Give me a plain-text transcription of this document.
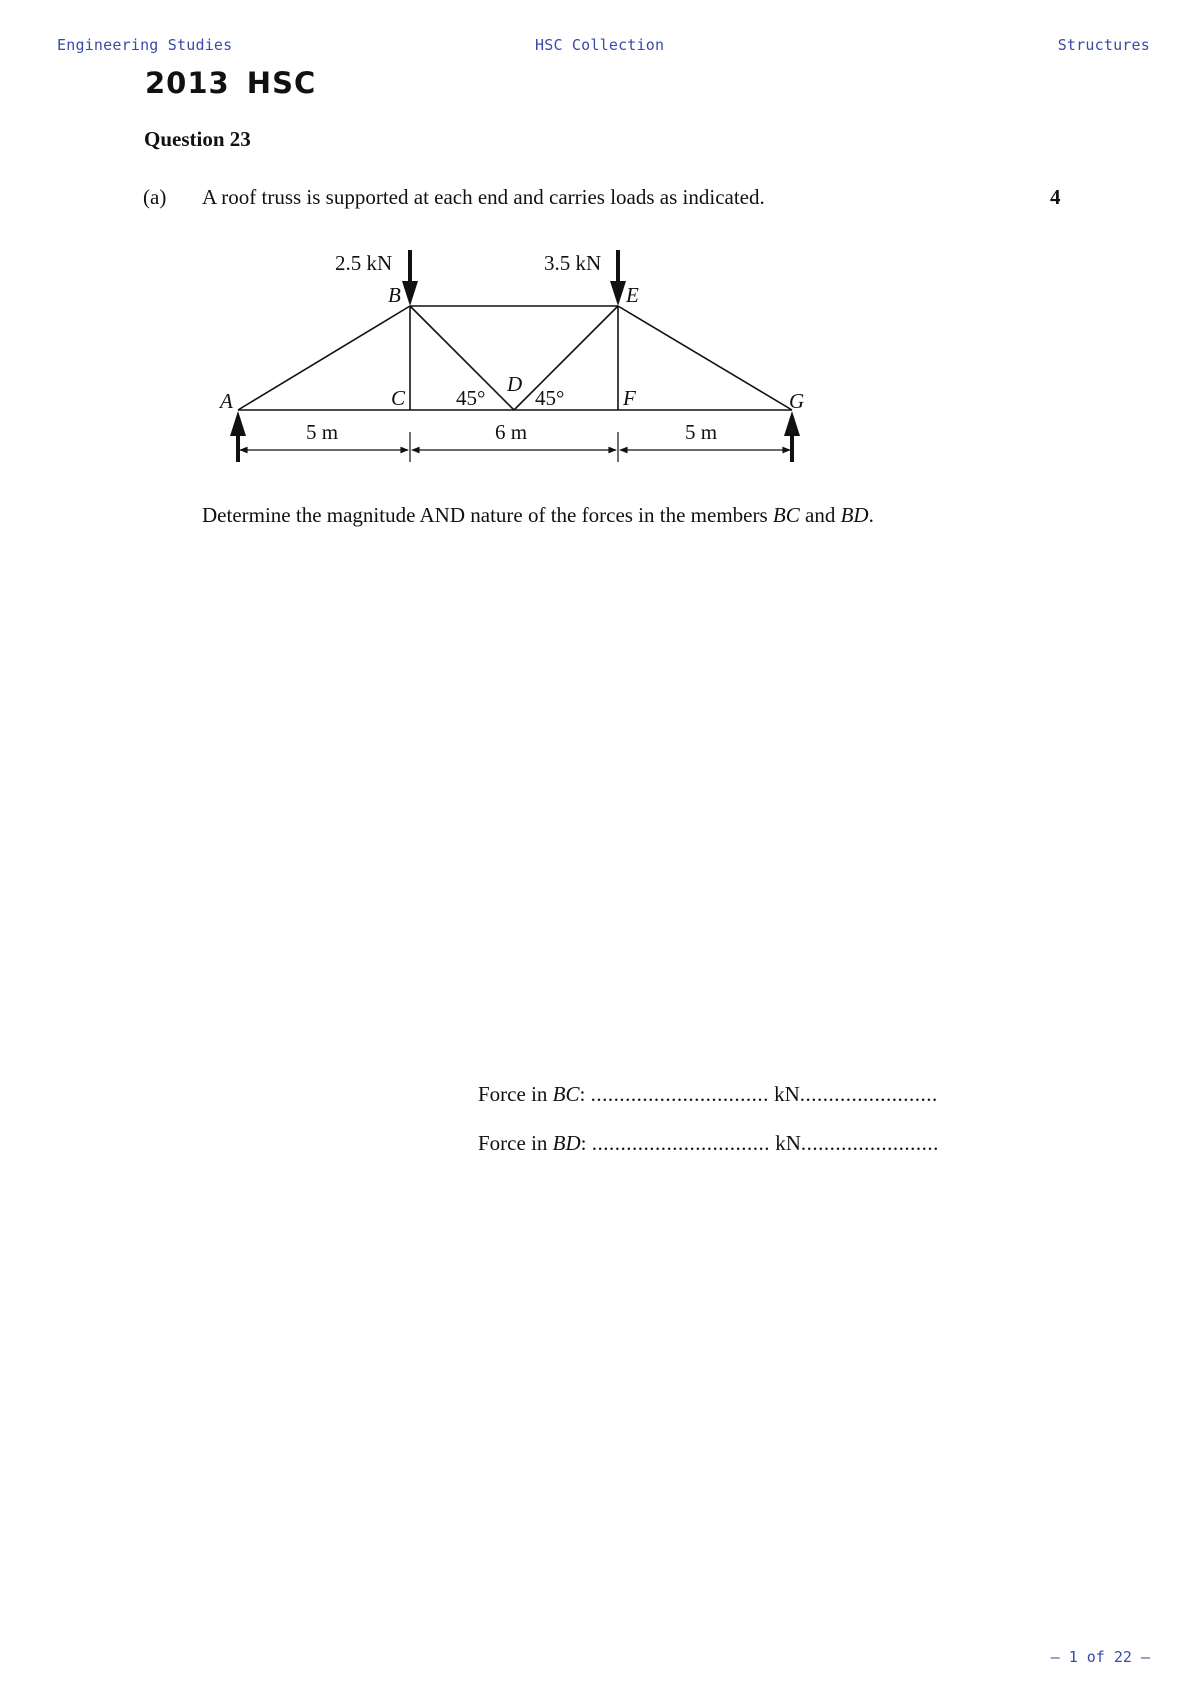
Engineering Studies	HSC Collection	Structures
2013 HSC
Question 23
(a) A roof truss is supported at each end and carries loads as indicated.	4
2.5 kN	3.5 kN
A
B
C
D
E
F	G
45° 45°
5 m	6 m	5 m
Determine the magnitude AND nature of the forces in the members BC and BD.
Force in BC: ............................... kN........................
Force in BD: ............................... kN........................
– 1 of 22 –
